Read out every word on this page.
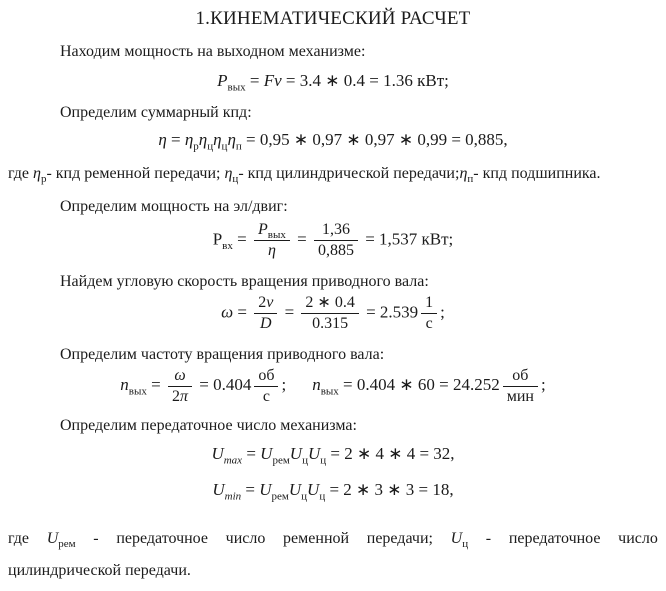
1.КИНЕМАТИЧЕСКИЙ РАСЧЕТ

Находим мощность на выходном механизме:

$P_{вых} = Fv = 3.4$ ∗ 0.4 = 1.36 кВт;

Определим суммарный кпд:

$\eta = \eta_р\eta_ц\eta_ц\eta_п = 0,95$ ∗ 0,97 ∗ 0,97 ∗ 0,99 = 0,885,

где $\eta_р-$ кпд ременной передачи; $\eta_ц-$ кпд цилиндрической $передачи;\eta_п-$ кпд подшипника.

Определим мощность на эл/двиг:

$Р_{вх} = \frac{P_{вых}}{\eta} = \frac{1,36}{0,885} = 1,537$ кВт;

Найдем угловую скорость вращения приводного вала:

$\omega = \frac{2v}{D} = \frac{2 ∗ 0.4}{0.315} = 2.539 \frac{1}{с}$ ;

Определим частоту вращения приводного вала:

$n_{вых} = \frac{\omega}{2\pi} = 0.404 \frac{об}{с}$ ; $n_{вых} = 0.404$ ∗ $60 = 24.252 \frac{об}{\text{мин}}$ ;

Определим передаточное число механизма:

$U_{max} = U_{рем}U_цU_ц = 2$ ∗ 4 ∗ 4 = 32,
$U_{min} = U_{рем}U_цU_ц = 2$ ∗ 3 ∗ 3 = 18,
где $U_{рем}$ - передаточное число ременной передачи; $U_ц$ - передаточное число

цилиндрической передачи.
